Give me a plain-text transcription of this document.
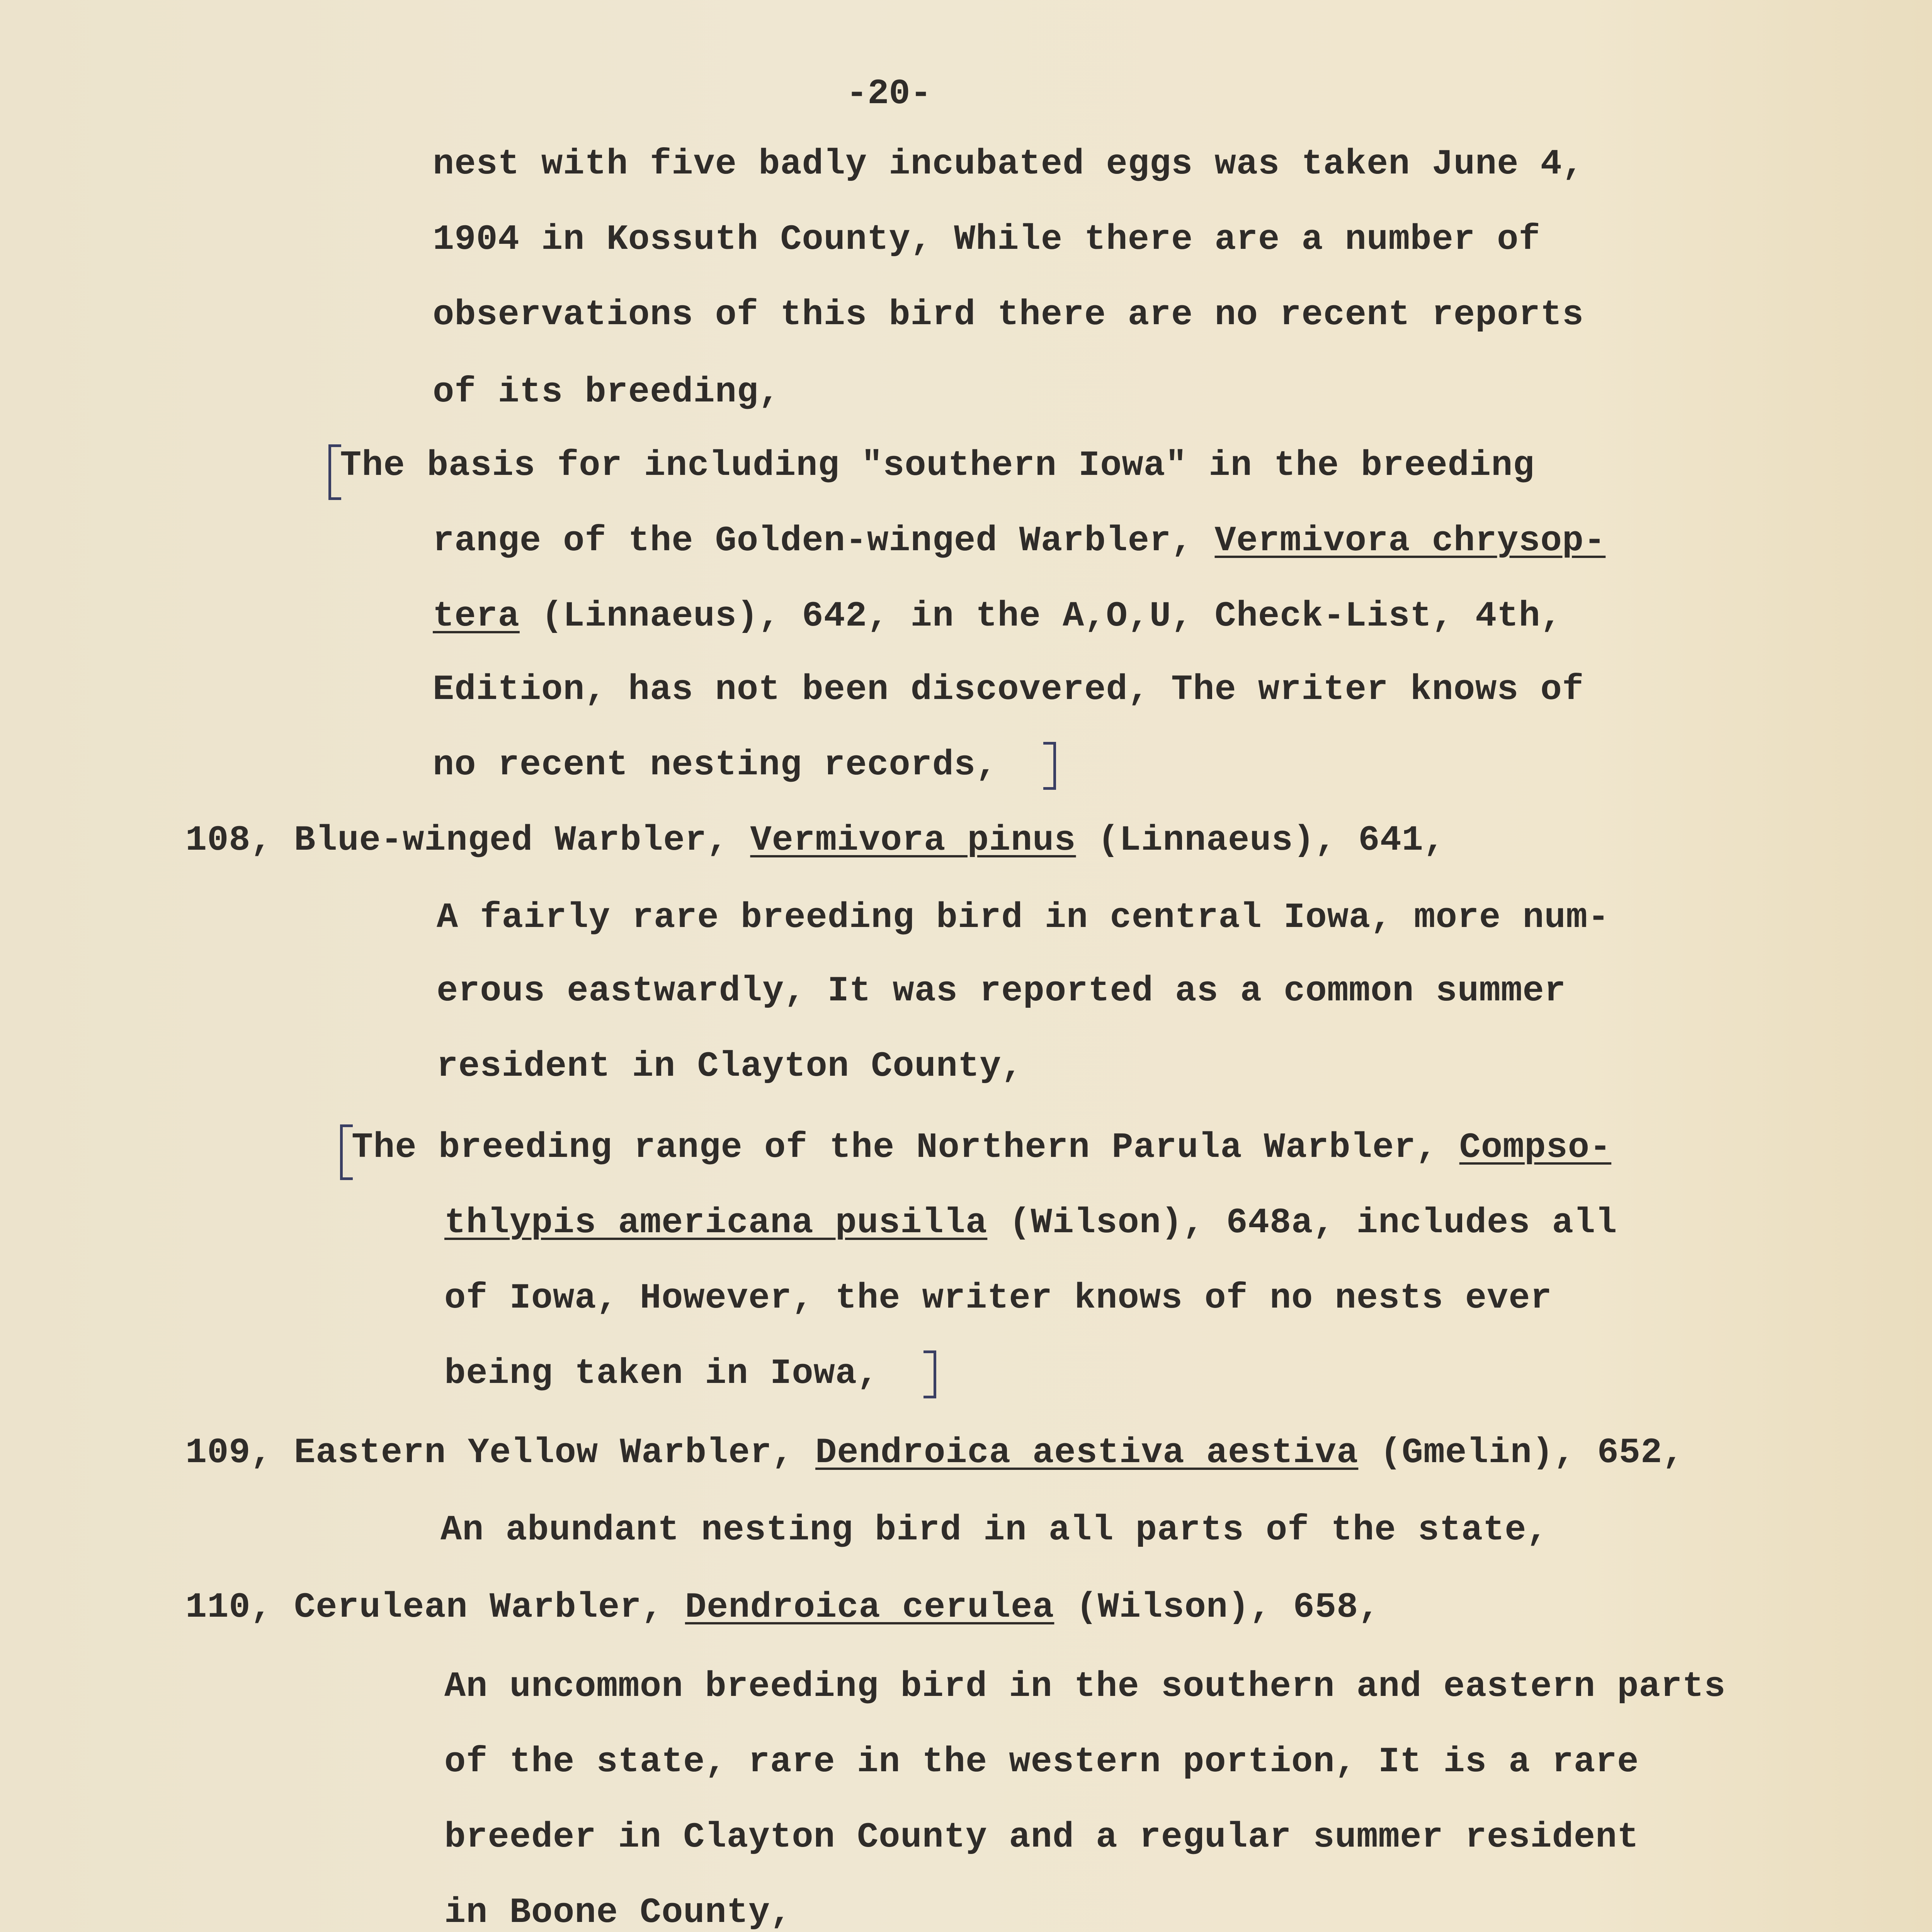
-20-
nest with five badly incubated eggs was taken June 4,
1904 in Kossuth County, While there are a number of
observations of this bird there are no recent reports
of its breeding,
The basis for including "southern Iowa" in the breeding
range of the Golden-winged Warbler, Vermivora chrysop-
tera (Linnaeus), 642, in the A,O,U, Check-List, 4th,
Edition, has not been discovered, The writer knows of
no recent nesting records,
108, Blue-winged Warbler, Vermivora pinus (Linnaeus), 641,
A fairly rare breeding bird in central Iowa, more num-
erous eastwardly, It was reported as a common summer
resident in Clayton County,
The breeding range of the Northern Parula Warbler, Compso-
thlypis americana pusilla (Wilson), 648a, includes all
of Iowa, However, the writer knows of no nests ever
being taken in Iowa,
109, Eastern Yellow Warbler, Dendroica aestiva aestiva (Gmelin), 652,
An abundant nesting bird in all parts of the state,
110, Cerulean Warbler, Dendroica cerulea (Wilson), 658,
An uncommon breeding bird in the southern and eastern parts
of the state, rare in the western portion, It is a rare
breeder in Clayton County and a regular summer resident
in Boone County,
